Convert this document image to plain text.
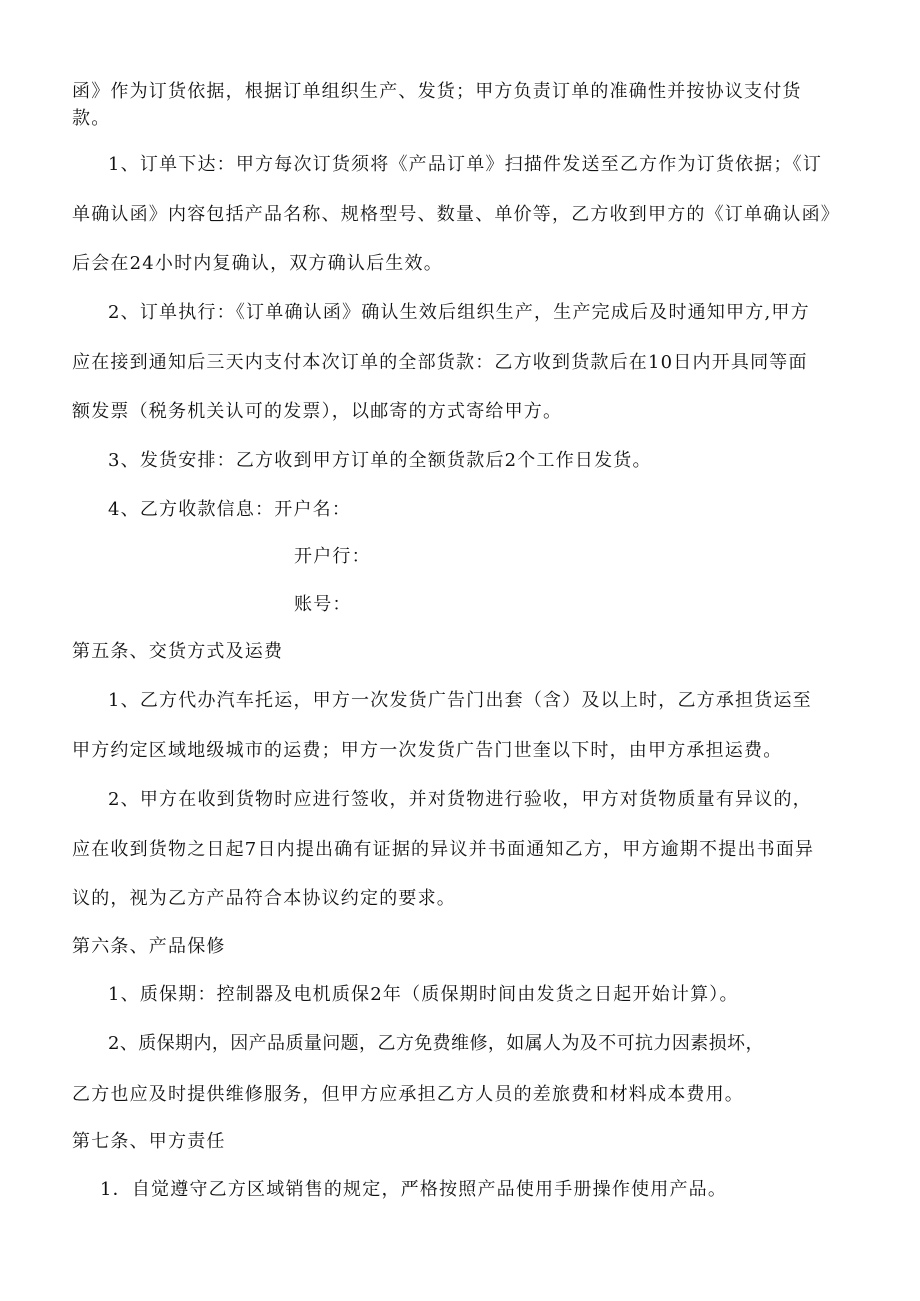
函》作为订货依据，根据订单组织生产、发货；甲方负责订单的准确性并按协议支付货
款。
1、订单下达：甲方每次订货须将《产品订单》扫描件发送至乙方作为订货依据；《订
单确认函》内容包括产品名称、规格型号、数量、单价等，乙方收到甲方的《订单确认函》
后会在24小时内复确认，双方确认后生效。
2、订单执行：《订单确认函》确认生效后组织生产，生产完成后及时通知甲方,甲方
应在接到通知后三天内支付本次订单的全部货款：乙方收到货款后在10日内开具同等面
额发票（税务机关认可的发票），以邮寄的方式寄给甲方。
3、发货安排：乙方收到甲方订单的全额货款后2个工作日发货。
4、乙方收款信息：开户名：
开户行：
账号：
第五条、交货方式及运费
1、乙方代办汽车托运，甲方一次发货广告门出套（含）及以上时，乙方承担货运至
甲方约定区域地级城市的运费；甲方一次发货广告门世奎以下时，由甲方承担运费。
2、甲方在收到货物时应进行签收，并对货物进行验收，甲方对货物质量有异议的，
应在收到货物之日起7日内提出确有证据的异议并书面通知乙方，甲方逾期不提出书面异
议的，视为乙方产品符合本协议约定的要求。
第六条、产品保修
1、质保期：控制器及电机质保2年（质保期时间由发货之日起开始计算）。
2、质保期内，因产品质量问题，乙方免费维修，如属人为及不可抗力因素损坏，
乙方也应及时提供维修服务，但甲方应承担乙方人员的差旅费和材料成本费用。
第七条、甲方责任
1．自觉遵守乙方区域销售的规定，严格按照产品使用手册操作使用产品。
